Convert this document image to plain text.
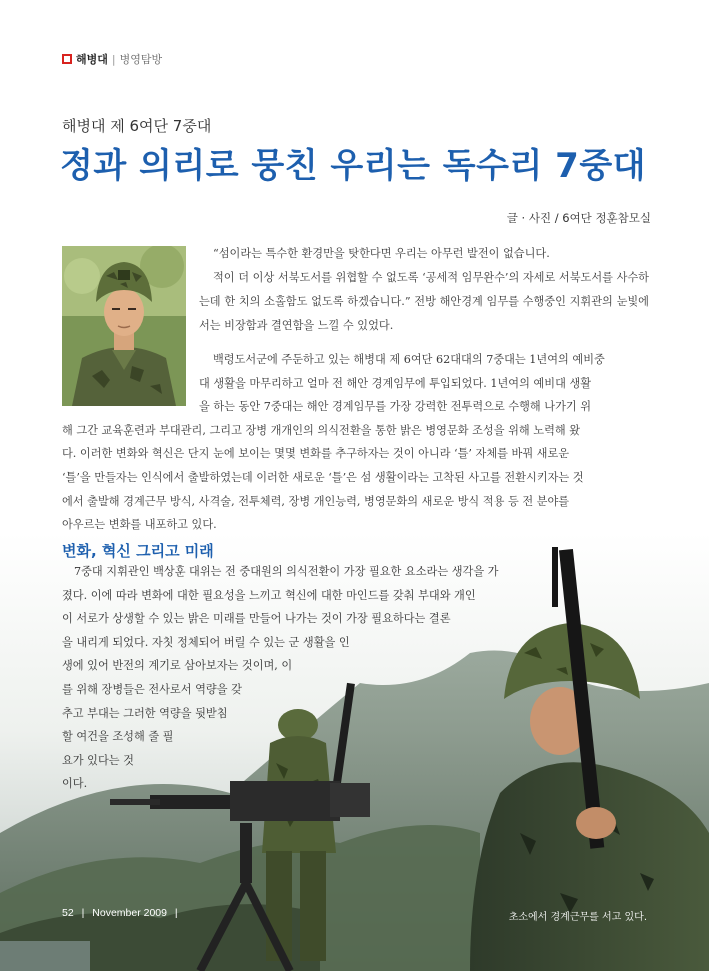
해병대 | 병영탐방
해병대 제 6여단 7중대
정과 의리로 뭉친 우리는 독수리 7중대
글 · 사진 / 6여단 정훈참모실

“섬이라는 특수한 환경만을 탓한다면 우리는 아무런 발전이 없습니다.

적이 더 이상 서북도서를 위협할 수 없도록 ‘공세적 임무완수’의 자세로 서북도서를 사수하는데 한 치의 소홀함도 없도록 하겠습니다.” 전방 해안경계 임무를 수행중인 지휘관의 눈빛에서는 비장함과 결연함을 느낄 수 있었다.

백령도서군에 주둔하고 있는 해병대 제 6여단 62대대의 7중대는 1년여의 예비중
대 생활을 마무리하고 얼마 전 해안 경계임무에 투입되었다. 1년여의 예비대 생활
을 하는 동안 7중대는 해안 경계임무를 가장 강력한 전투력으로 수행해 나가기 위
해 그간 교육훈련과 부대관리, 그리고 장병 개개인의 의식전환을 통한 밝은 병영문화 조성을 위해 노력해 왔
다. 이러한 변화와 혁신은 단지 눈에 보이는 몇몇 변화를 추구하자는 것이 아니라 ‘틀’ 자체를 바꿔 새로운
‘틀’을 만들자는 인식에서 출발하였는데 이러한 새로운 ‘틀’은 섬 생활이라는 고착된 사고를 전환시키자는 것
에서 출발해 경계근무 방식, 사격술, 전투체력, 장병 개인능력, 병영문화의 새로운 방식 적용 등 전 분야를
아우르는 변화를 내포하고 있다.
변화, 혁신 그리고 미래
7중대 지휘관인 백상훈 대위는 전 중대원의 의식전환이 가장 필요한 요소라는 생각을 가
졌다. 이에 따라 변화에 대한 필요성을 느끼고 혁신에 대한 마인드를 갖춰 부대와 개인
이 서로가 상생할 수 있는 밝은 미래를 만들어 나가는 것이 가장 필요하다는 결론
을 내리게 되었다. 자칫 정체되어 버릴 수 있는 군 생활을 인
생에 있어 반전의 계기로 삼아보자는 것이며, 이
를 위해 장병들은 전사로서 역량을 갖
추고 부대는 그러한 역량을 뒷받침
할 여건을 조성해 줄 필
요가 있다는 것
이다.
52 | November 2009 |	초소에서 경계근무를 서고 있다.
